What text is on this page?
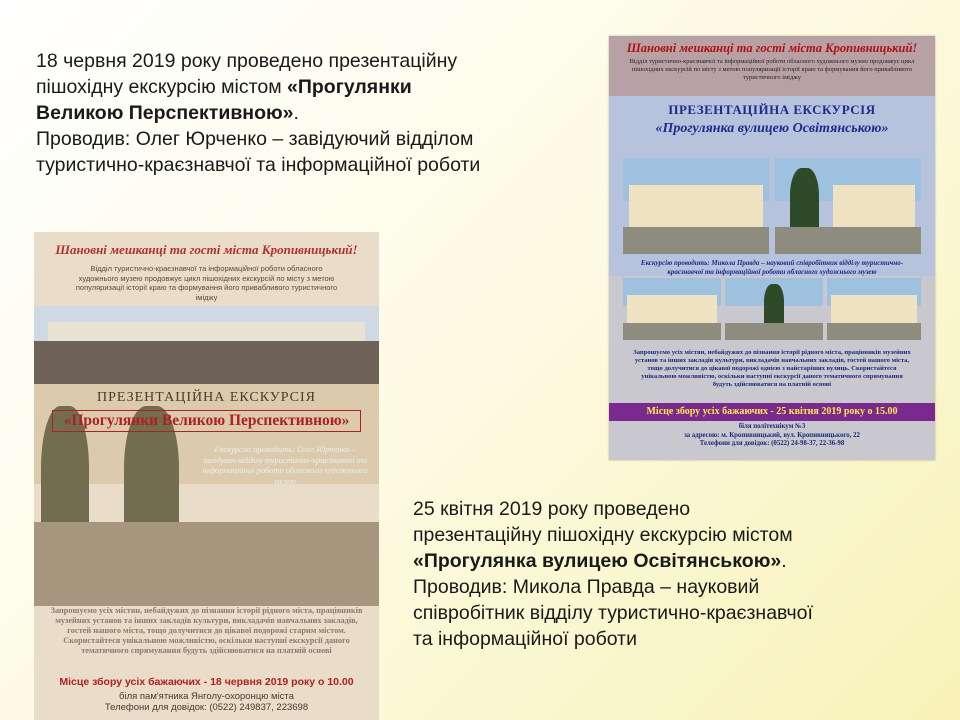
18 червня 2019 року проведено презентаційну
пішохідну екскурсію містом «Прогулянки
Великою Перспективною».
Проводив: Олег Юрченко – завідуючий відділом
туристично-краєзнавчої та інформаційної роботи
Шановні мешканці та гості міста Кропивницький!
Відділ туристично-краєзнавчої та інформаційної роботи обласного художнього музею продовжує цикл пішохідних екскурсій по місту з метою популяризації історії краю та формування його привабливого туристичного іміджу
ПРЕЗЕНТАЦІЙНА ЕКСКУРСІЯ
«Прогулянка вулицею Освітянською»
Екскурсію проводить: Микола Правда – науковий співробітник відділу туристично-краєзнавчої та інформаційної роботи обласного художнього музею
Запрошуємо усіх містян, небайдужих до пізнання історії рідного міста, працівників музейних установ та інших закладів культури, викладачів навчальних закладів, гостей нашого міста, тощо долучитися до цікавої подорожі однією з найстаріших вулиць. Скористайтеся унікальною можливістю, оскільки наступні екскурсії даного тематичного спрямування будуть здійснюватися на платній основі
Місце збору усіх бажаючих - 25 квітня 2019 року о 15.00
біля політехнікум №3
за адресою: м. Кропивницький, вул. Кропивницького, 22
Телефони для довідок: (0522) 24-98-37, 22-36-98
Шановні мешканці та гості міста Кропивницький!
Відділ туристично-краєзнавчої та інформаційної роботи обласного художнього музею продовжує цикл пішохідних екскурсій по місту з метою популяризації історії краю та формування його привабливого туристичного іміджу
ПРЕЗЕНТАЦІЙНА ЕКСКУРСІЯ
«Прогулянки Великою Перспективною»
Екскурсію проводить: Олег Юрченко – завідувач відділу туристично-краєзнавчої та інформаційної роботи обласного художнього музею
Запрошуємо усіх містян, небайдужих до пізнання історії рідного міста, працівників музейних установ та інших закладів культури, викладачів навчальних закладів, гостей нашого міста, тощо долучитися до цікавої подорожі старим містом. Скористайтеся унікальною можливістю, оскільки наступні екскурсії даного тематичного спрямування будуть здійснюватися на платній основі
Місце збору усіх бажаючих - 18 червня 2019 року о 10.00
біля пам'ятника Янголу-охоронцю міста
Телефони для довідок: (0522) 249837, 223698
25 квітня 2019 року проведено
презентаційну пішохідну екскурсію містом
«Прогулянка вулицею Освітянською».
Проводив: Микола Правда – науковий
співробітник відділу туристично-краєзнавчої
та інформаційної роботи
